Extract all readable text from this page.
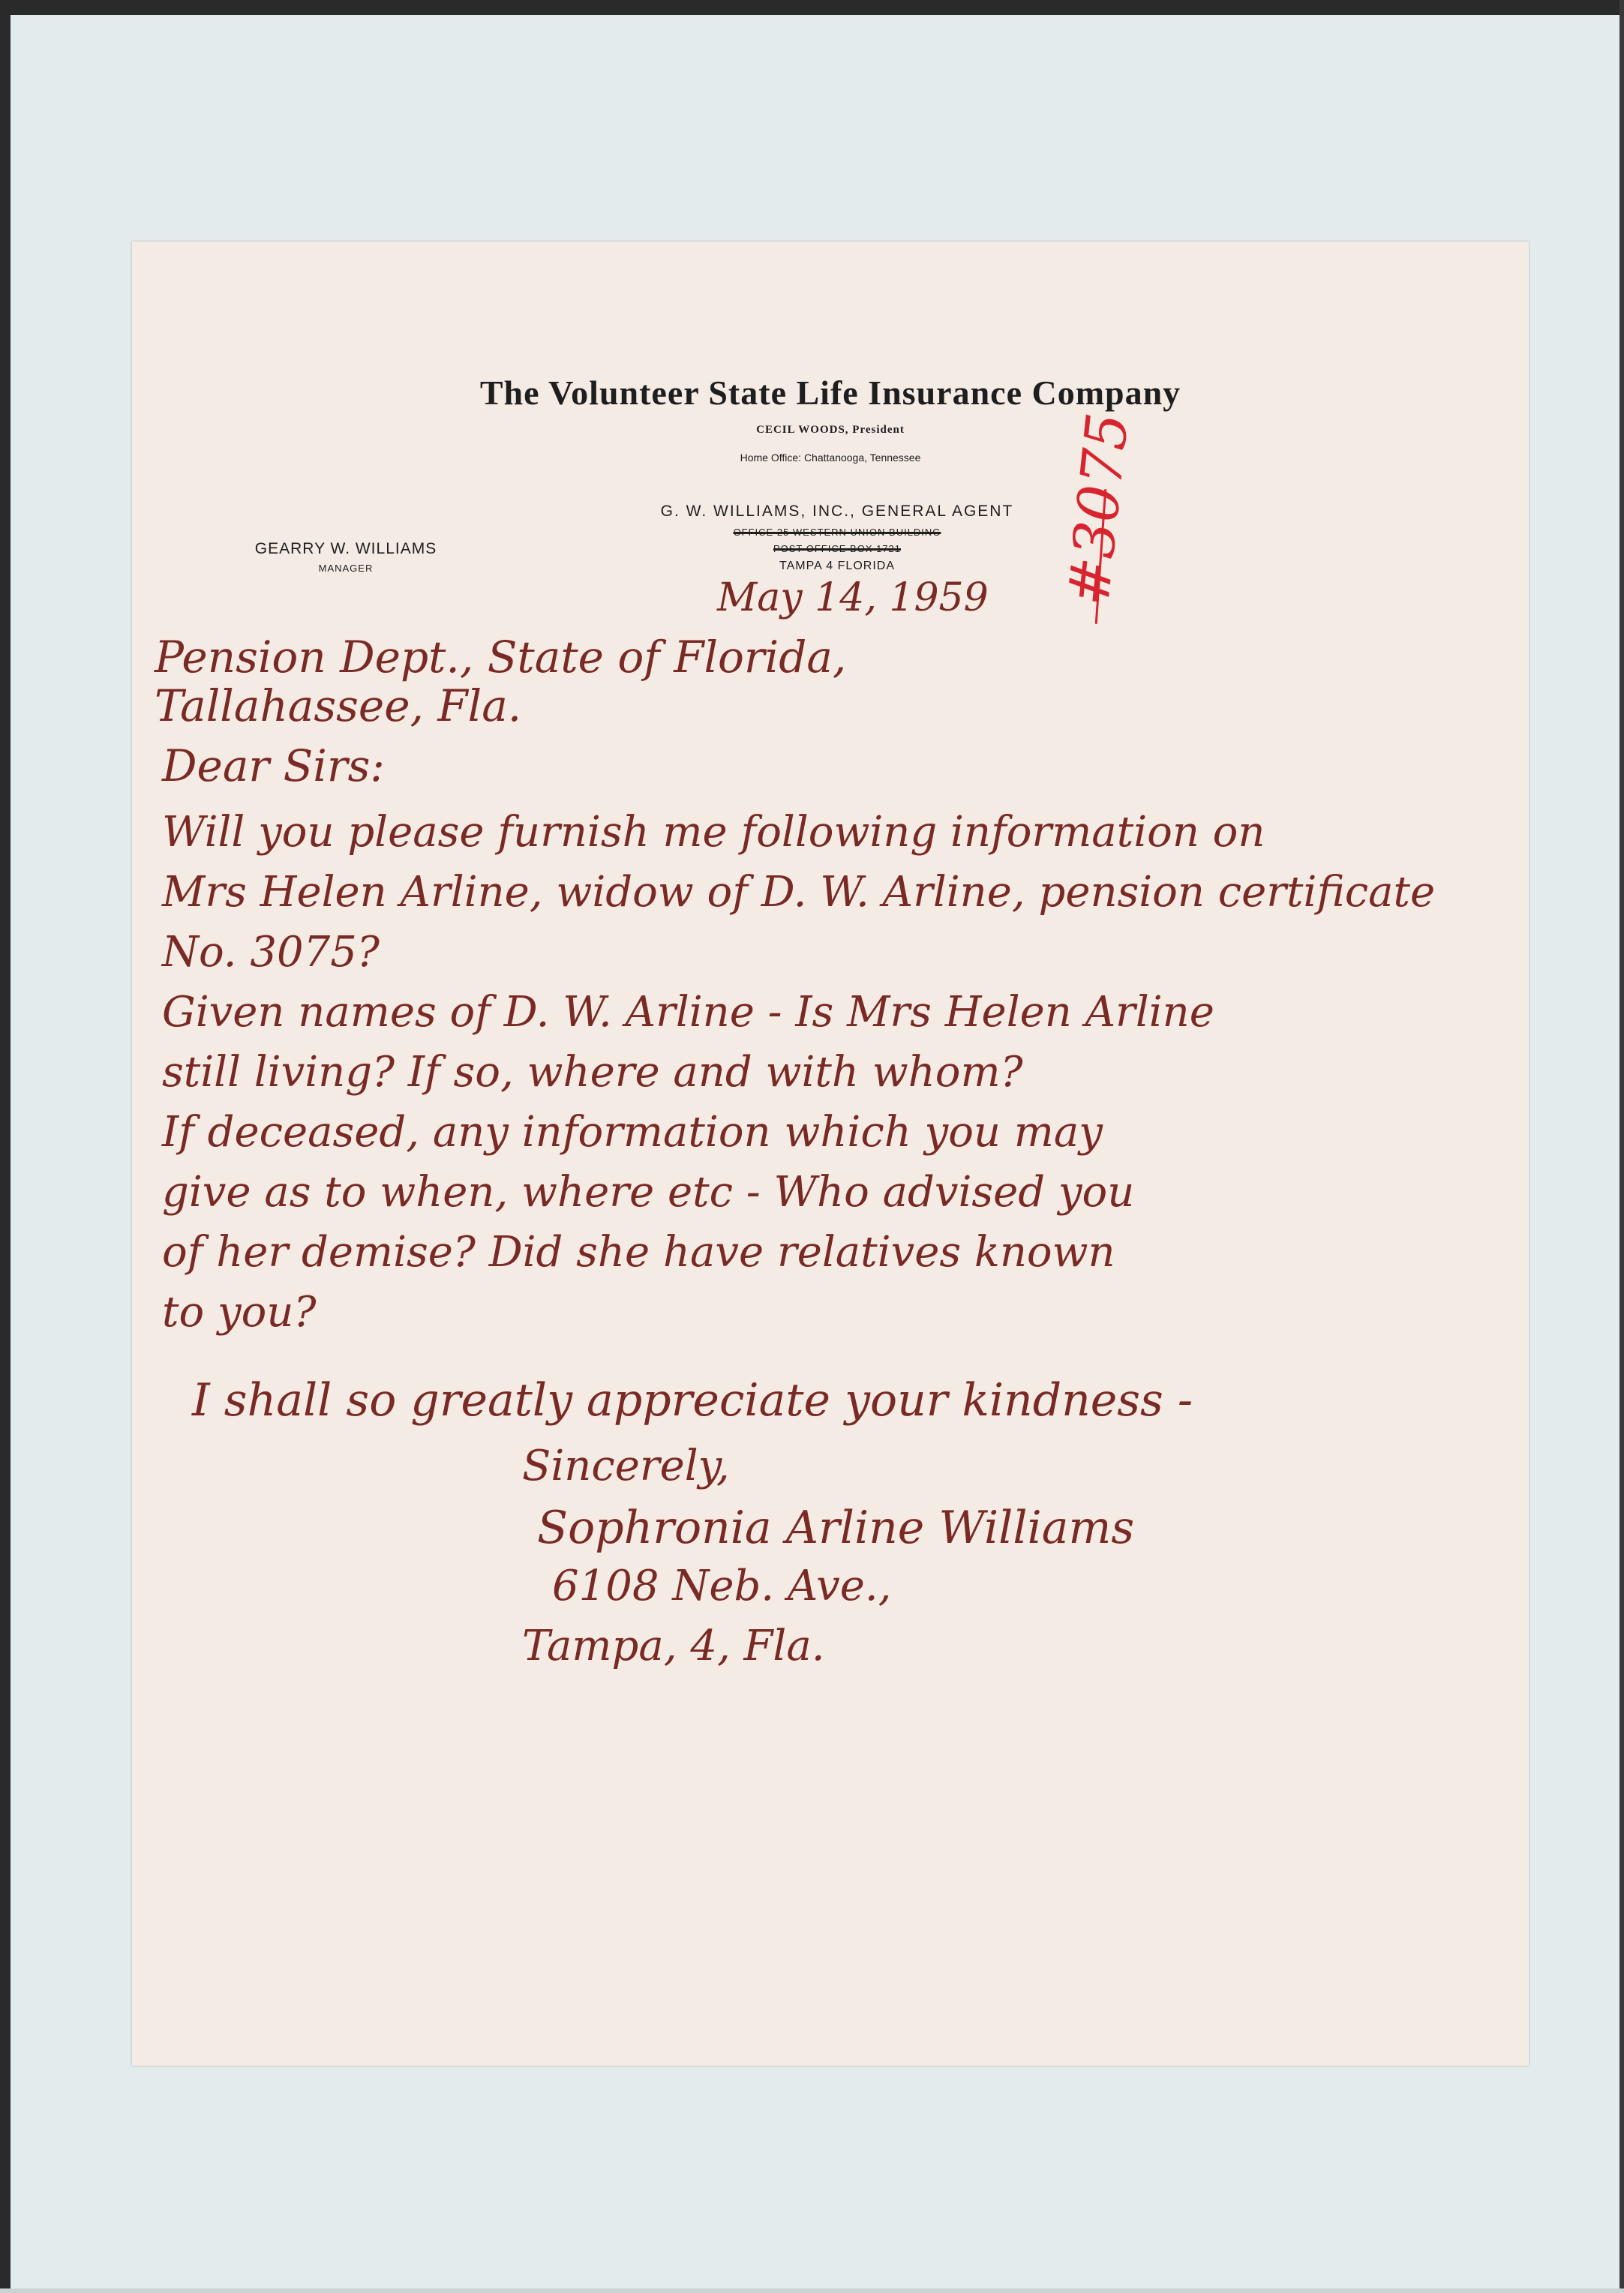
The Volunteer State Life Insurance Company
CECIL WOODS, President
Home Office: Chattanooga, Tennessee
G. W. WILLIAMS, INC., GENERAL AGENT
OFFICE 25 WESTERN UNION BUILDING
POST OFFICE BOX 1721
TAMPA 4 FLORIDA
GEARRY W. WILLIAMS
MANAGER	#3075
May 14, 1959
Pension Dept., State of Florida,
Tallahassee, Fla.
Dear Sirs:
Will you please furnish me following information on
Mrs Helen Arline, widow of D. W. Arline, pension certificate
No. 3075?
Given names of D. W. Arline - Is Mrs Helen Arline
still living? If so, where and with whom?
If deceased, any information which you may
give as to when, where etc - Who advised you
of her demise? Did she have relatives known
to you?
I shall so greatly appreciate your kindness -
Sincerely,
Sophronia Arline Williams
6108 Neb. Ave.,
Tampa, 4, Fla.
